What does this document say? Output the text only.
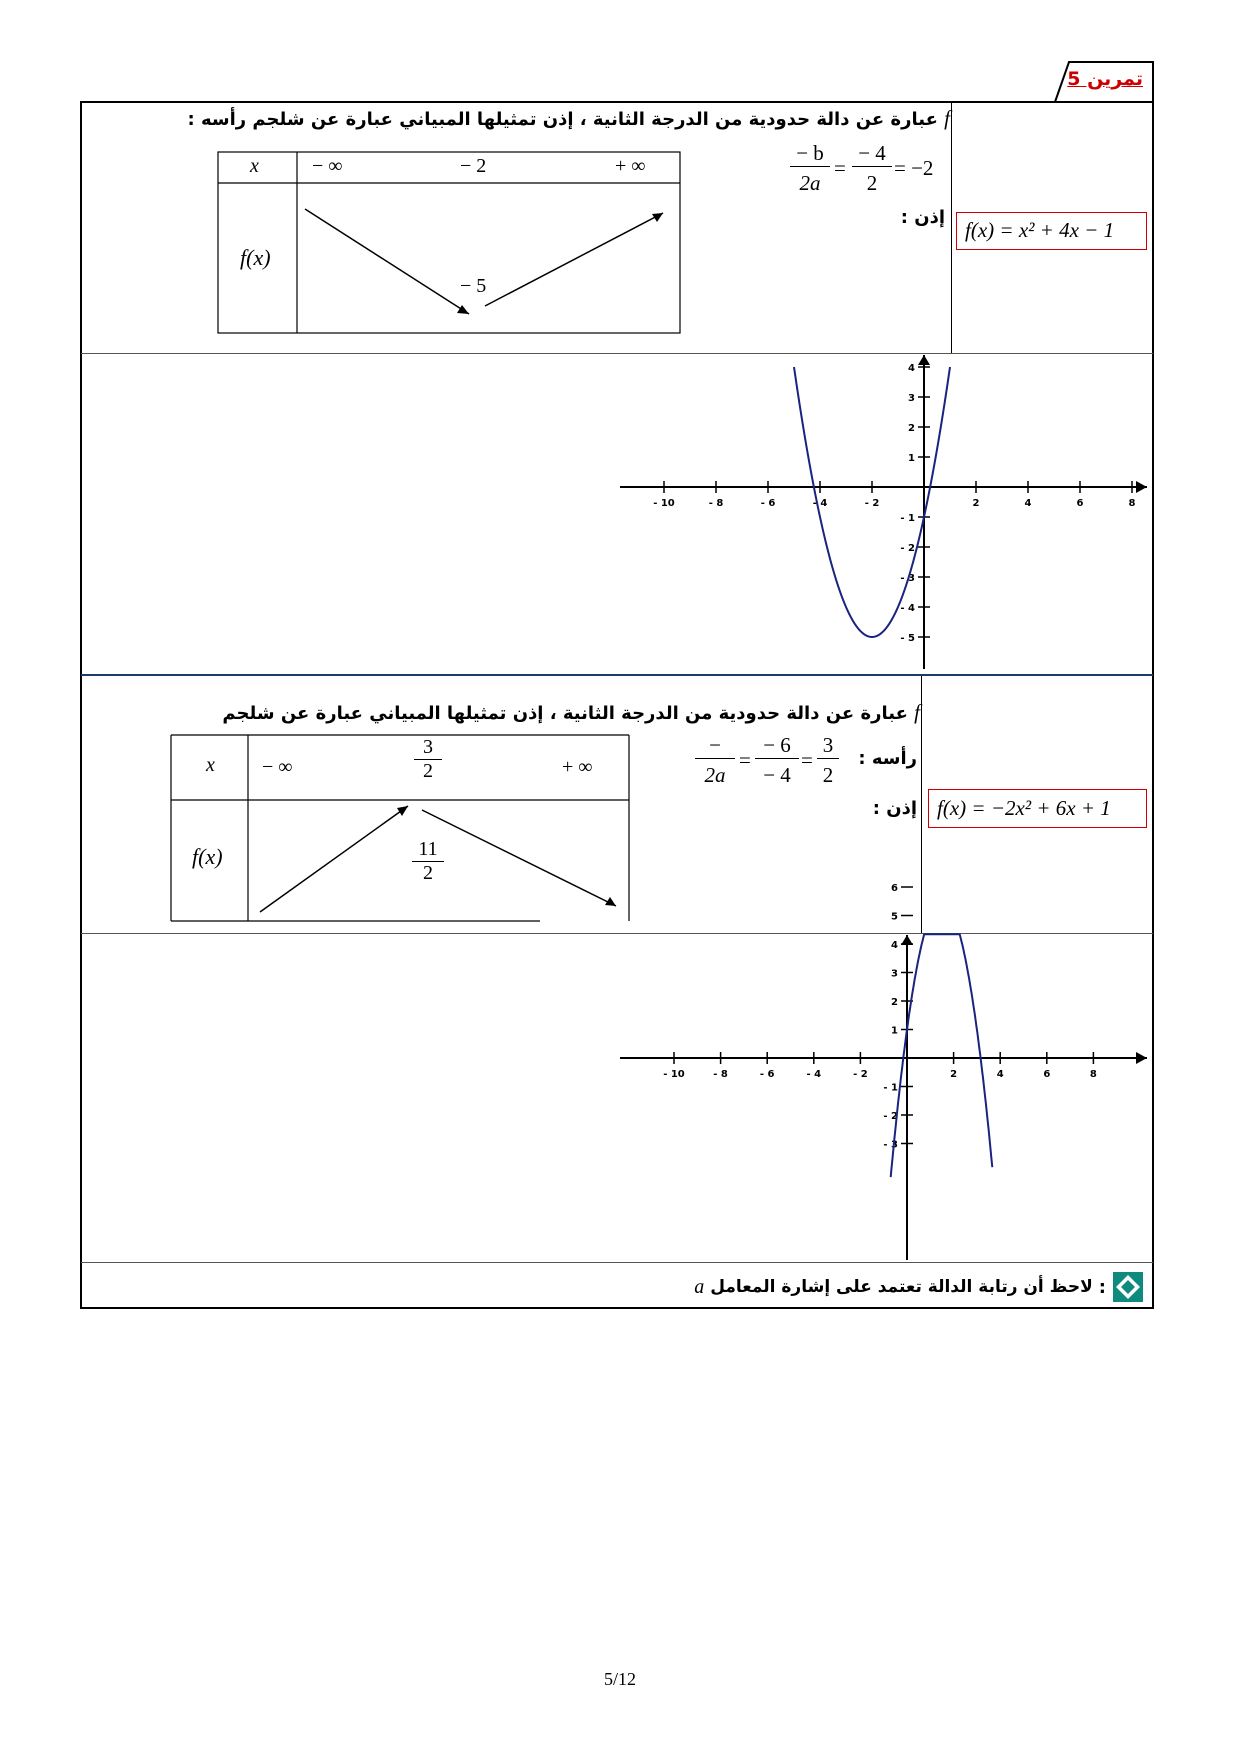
تمرين 5
f عبارة عن دالة حدودية من الدرجة الثانية ، إذن تمثيلها المبياني عبارة عن شلجم رأسه :
− b
2a
=
− 4
2
= −2
إذن :
f(x) = x² + 4x − 1
x	− ∞	− 2	+ ∞
f(x)
− 5
- 10	- 8	- 6	- 4	- 2	2	4	6	8
4
3
2
1
- 1
- 2
- 3
- 4
- 5
f عبارة عن دالة حدودية من الدرجة الثانية ، إذن تمثيلها المبياني عبارة عن شلجم
رأسه :
−
2a
=
− 6
− 4
=
3
2
إذن : f(x) = −2x² + 6x + 1
x − ∞	$\frac{3}{2}$	+ ∞
f(x)	$\frac{11}{2}$
- 10	- 8	- 6	- 4	- 2	2	4	6	8
6
5
4
3
2
1
- 1
- 2
- 3
:
لاحظ أن رتابة الدالة تعتمد على إشارة المعامل
a
5/12
